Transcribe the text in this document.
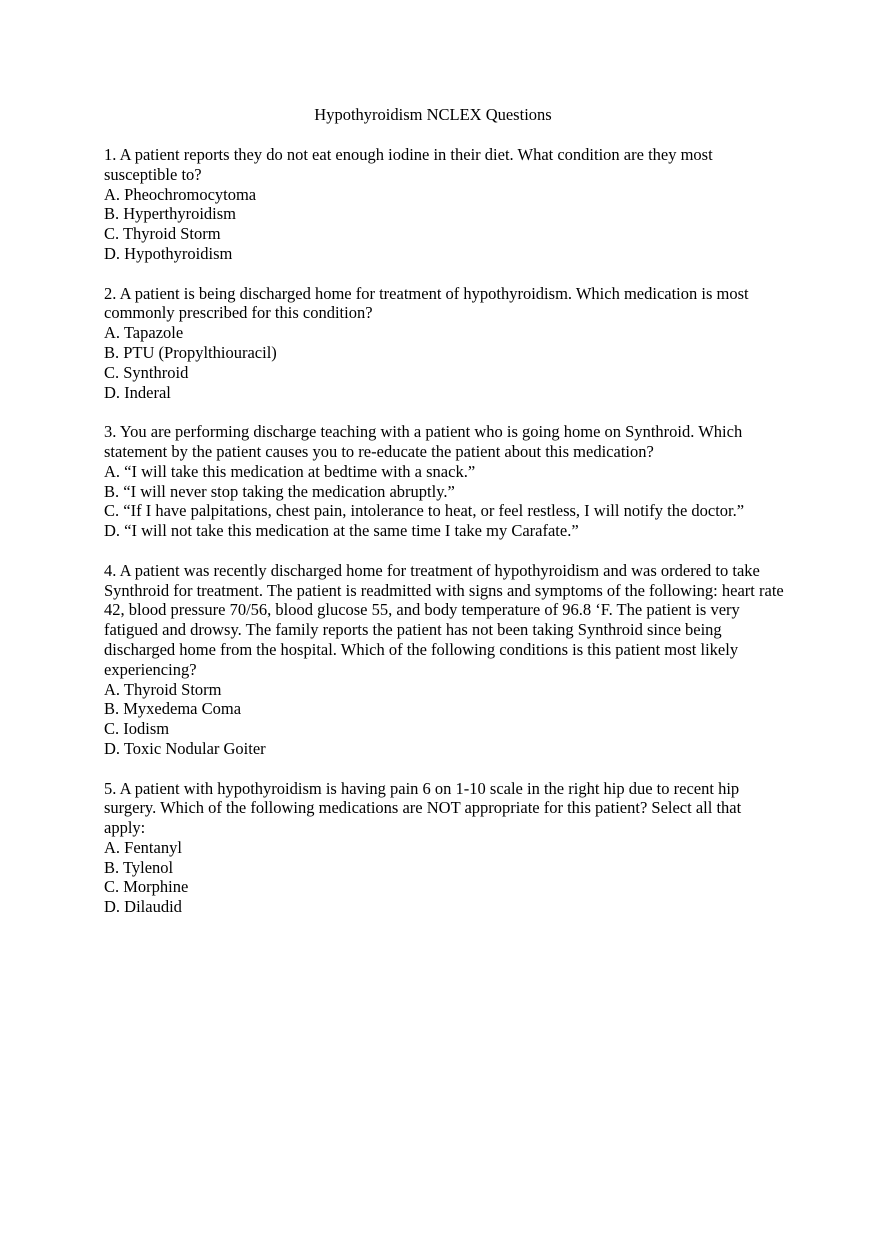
Hypothyroidism NCLEX Questions

1. A patient reports they do not eat enough iodine in their diet. What condition are they most susceptible to?

A. Pheochromocytoma

B. Hyperthyroidism

C. Thyroid Storm

D. Hypothyroidism

2. A patient is being discharged home for treatment of hypothyroidism. Which medication is most commonly prescribed for this condition?

A. Tapazole

B. PTU (Propylthiouracil)

C. Synthroid

D. Inderal

3. You are performing discharge teaching with a patient who is going home on Synthroid. Which statement by the patient causes you to re-educate the patient about this medication?

A. “I will take this medication at bedtime with a snack.”

B. “I will never stop taking the medication abruptly.”

C. “If I have palpitations, chest pain, intolerance to heat, or feel restless, I will notify the doctor.”

D. “I will not take this medication at the same time I take my Carafate.”

4. A patient was recently discharged home for treatment of hypothyroidism and was ordered to take Synthroid for treatment. The patient is readmitted with signs and symptoms of the following: heart rate 42, blood pressure 70/56, blood glucose 55, and body temperature of 96.8 ‘F. The patient is very fatigued and drowsy. The family reports the patient has not been taking Synthroid since being discharged home from the hospital. Which of the following conditions is this patient most likely experiencing?

A. Thyroid Storm

B. Myxedema Coma

C. Iodism

D. Toxic Nodular Goiter

5. A patient with hypothyroidism is having pain 6 on 1-10 scale in the right hip due to recent hip surgery. Which of the following medications are NOT appropriate for this patient? Select all that apply:

A. Fentanyl

B. Tylenol

C. Morphine

D. Dilaudid
